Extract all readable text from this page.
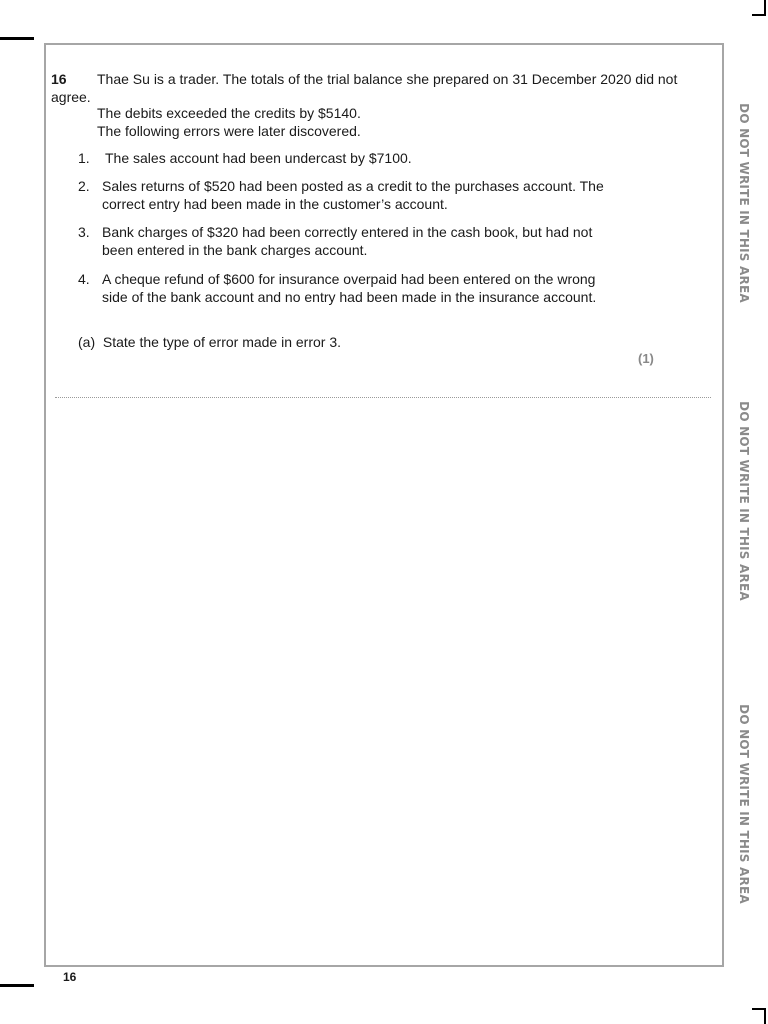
16 Thae Su is a trader. The totals of the trial balance she prepared on 31 December 2020 did not
agree.
The debits exceeded the credits by $5140.
The following errors were later discovered.
1. The sales account had been undercast by $7100.
2. Sales returns of $520 had been posted as a credit to the purchases account. The correct entry had been made in the customer’s account.
3. Bank charges of $320 had been correctly entered in the cash book, but had not been entered in the bank charges account.
4. A cheque refund of $600 for insurance overpaid had been entered on the wrong side of the bank account and no entry had been made in the insurance account.
(a) State the type of error made in error 3.
(1)
DO NOT WRITE IN THIS AREA
DO NOT WRITE IN THIS AREA
DO NOT WRITE IN THIS AREA
16
